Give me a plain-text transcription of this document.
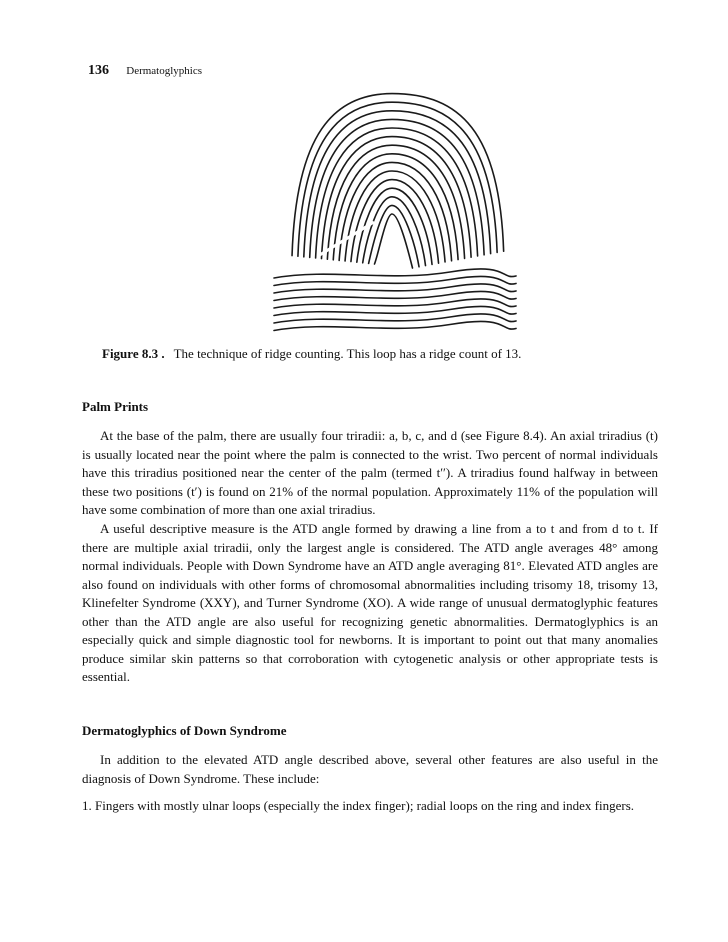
136 Dermatoglyphics
Figure 8.3 . The technique of ridge counting. This loop has a ridge count of 13.
Palm Prints

At the base of the palm, there are usually four triradii: a, b, c, and d (see Figure 8.4). An axial triradius (t) is usually located near the point where the palm is connected to the wrist. Two percent of normal individuals have this triradius positioned near the center of the palm (termed t′′). A triradius found halfway in between these two positions (t′) is found on 21% of the normal population. Approximately 11% of the population will have some combination of more than one axial triradius.

A useful descriptive measure is the ATD angle formed by drawing a line from a to t and from d to t. If there are multiple axial triradii, only the largest angle is considered. The ATD angle averages 48° among normal individuals. People with Down Syndrome have an ATD angle averaging 81°. Elevated ATD angles are also found on individuals with other forms of chromosomal abnormalities including trisomy 18, trisomy 13, Klinefelter Syndrome (XXY), and Turner Syndrome (XO). A wide range of unusual dermatoglyphic features other than the ATD angle are also useful for recognizing genetic abnormalities. Dermatoglyphics is an especially quick and simple diagnostic tool for newborns. It is important to point out that many anomalies produce similar skin patterns so that corroboration with cytogenetic analysis or other appropriate tests is essential.

Dermatoglyphics of Down Syndrome

In addition to the elevated ATD angle described above, several other features are also useful in the diagnosis of Down Syndrome. These include:

1. Fingers with mostly ulnar loops (especially the index finger); radial loops on the ring and index fingers.
